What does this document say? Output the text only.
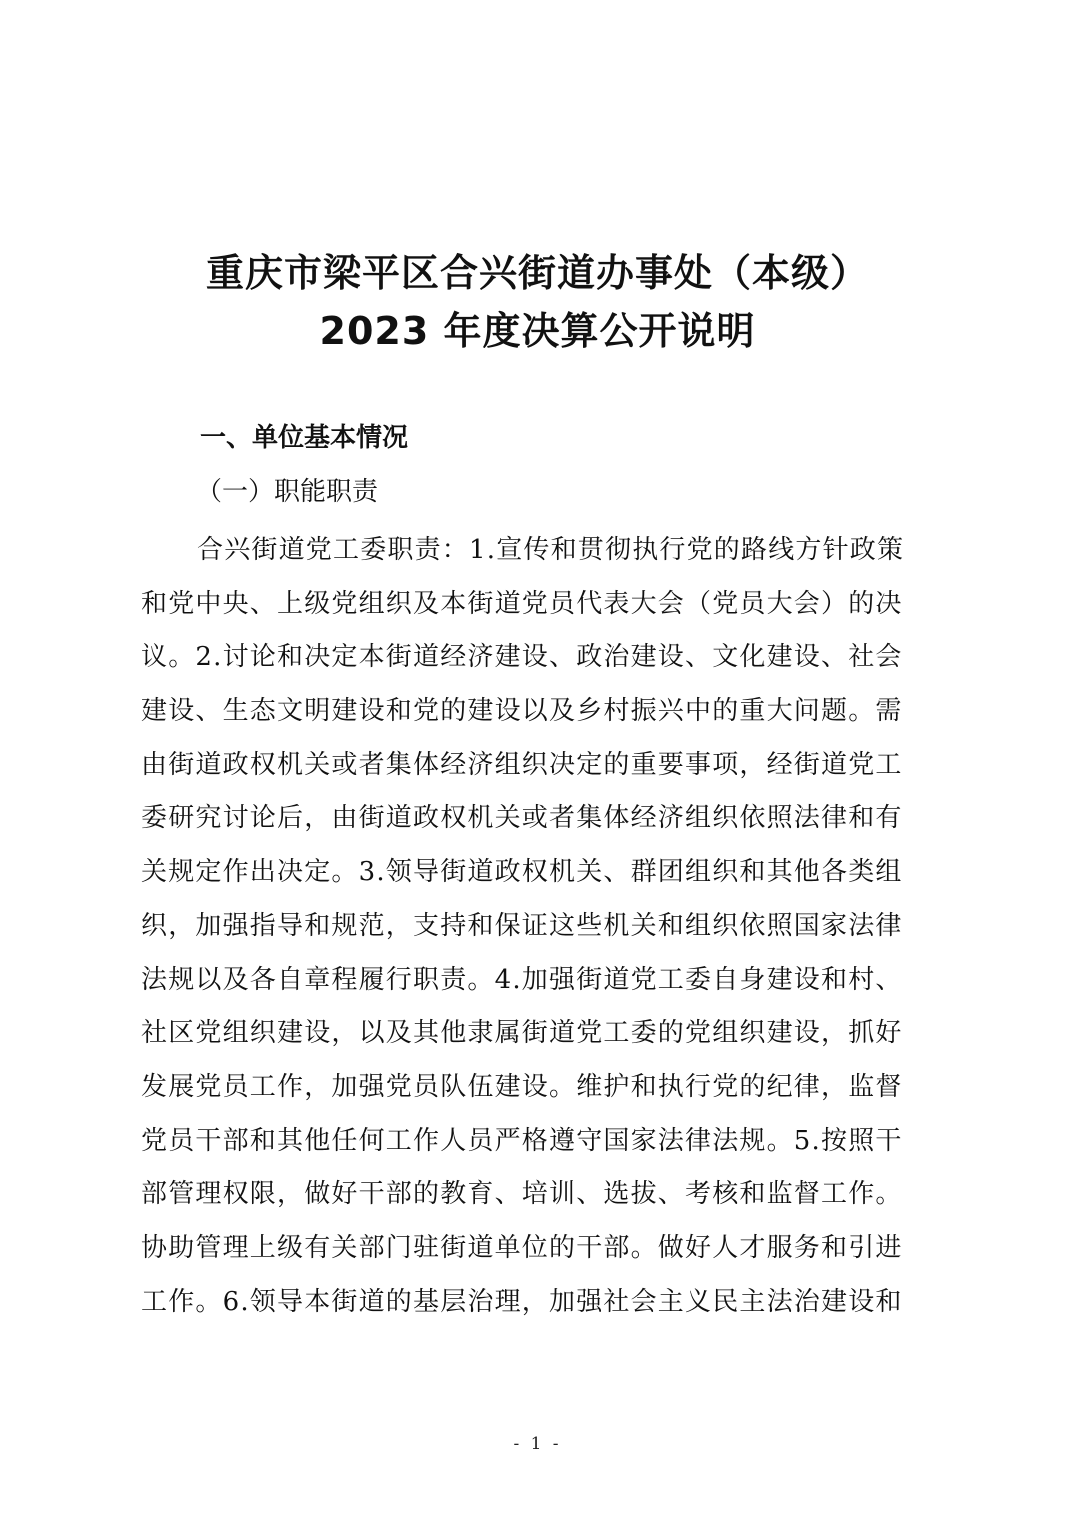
重庆市梁平区合兴街道办事处（本级）
2023 年度决算公开说明
一、单位基本情况
（一）职能职责
合兴街道党工委职责：1.宣传和贯彻执行党的路线方针政策
和党中央、上级党组织及本街道党员代表大会（党员大会）的决
议。2.讨论和决定本街道经济建设、政治建设、文化建设、社会
建设、生态文明建设和党的建设以及乡村振兴中的重大问题。需
由街道政权机关或者集体经济组织决定的重要事项，经街道党工
委研究讨论后，由街道政权机关或者集体经济组织依照法律和有
关规定作出决定。3.领导街道政权机关、群团组织和其他各类组
织，加强指导和规范，支持和保证这些机关和组织依照国家法律
法规以及各自章程履行职责。4.加强街道党工委自身建设和村、
社区党组织建设，以及其他隶属街道党工委的党组织建设，抓好
发展党员工作，加强党员队伍建设。维护和执行党的纪律，监督
党员干部和其他任何工作人员严格遵守国家法律法规。5.按照干
部管理权限，做好干部的教育、培训、选拔、考核和监督工作。
协助管理上级有关部门驻街道单位的干部。做好人才服务和引进
工作。6.领导本街道的基层治理，加强社会主义民主法治建设和
- 1 -
